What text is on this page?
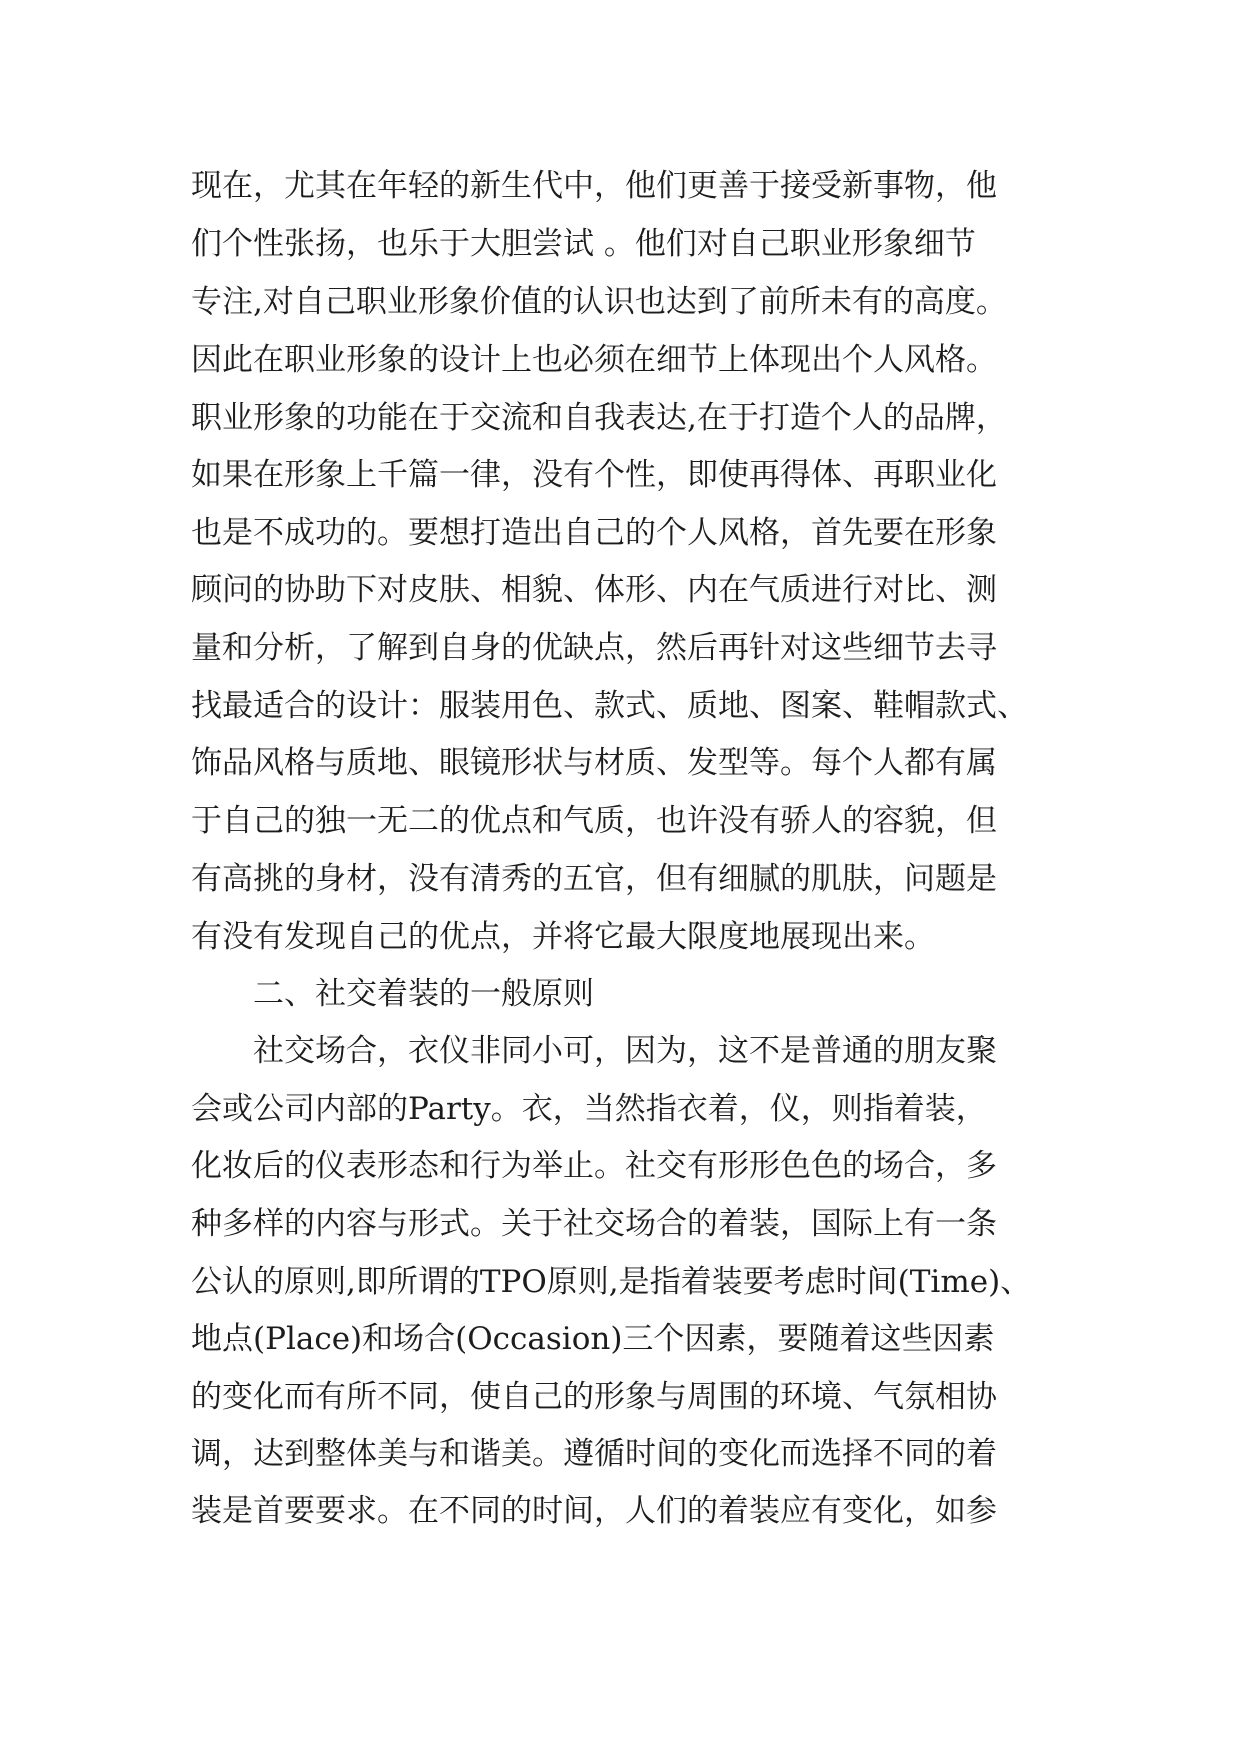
现在，尤其在年轻的新生代中，他们更善于接受新事物，他

们个性张扬，也乐于大胆尝试 。他们对自己职业形象细节

专注,对自己职业形象价值的认识也达到了前所未有的高度。

因此在职业形象的设计上也必须在细节上体现出个人风格。

职业形象的功能在于交流和自我表达,在于打造个人的品牌，

如果在形象上千篇一律，没有个性，即使再得体、再职业化

也是不成功的。要想打造出自己的个人风格，首先要在形象

顾问的协助下对皮肤、相貌、体形、内在气质进行对比、测

量和分析，了解到自身的优缺点，然后再针对这些细节去寻

找最适合的设计：服装用色、款式、质地、图案、鞋帽款式、

饰品风格与质地、眼镜形状与材质、发型等。每个人都有属

于自己的独一无二的优点和气质，也许没有骄人的容貌，但

有高挑的身材，没有清秀的五官，但有细腻的肌肤，问题是

有没有发现自己的优点，并将它最大限度地展现出来。

二、社交着装的一般原则

社交场合，衣仪非同小可，因为，这不是普通的朋友聚

会或公司内部的Party。衣，当然指衣着，仪，则指着装，

化妆后的仪表形态和行为举止。社交有形形色色的场合，多

种多样的内容与形式。关于社交场合的着装，国际上有一条

公认的原则,即所谓的TPO原则,是指着装要考虑时间(Time)、

地点(Place)和场合(Occasion)三个因素，要随着这些因素

的变化而有所不同，使自己的形象与周围的环境、气氛相协

调，达到整体美与和谐美。遵循时间的变化而选择不同的着

装是首要要求。在不同的时间，人们的着装应有变化，如参
